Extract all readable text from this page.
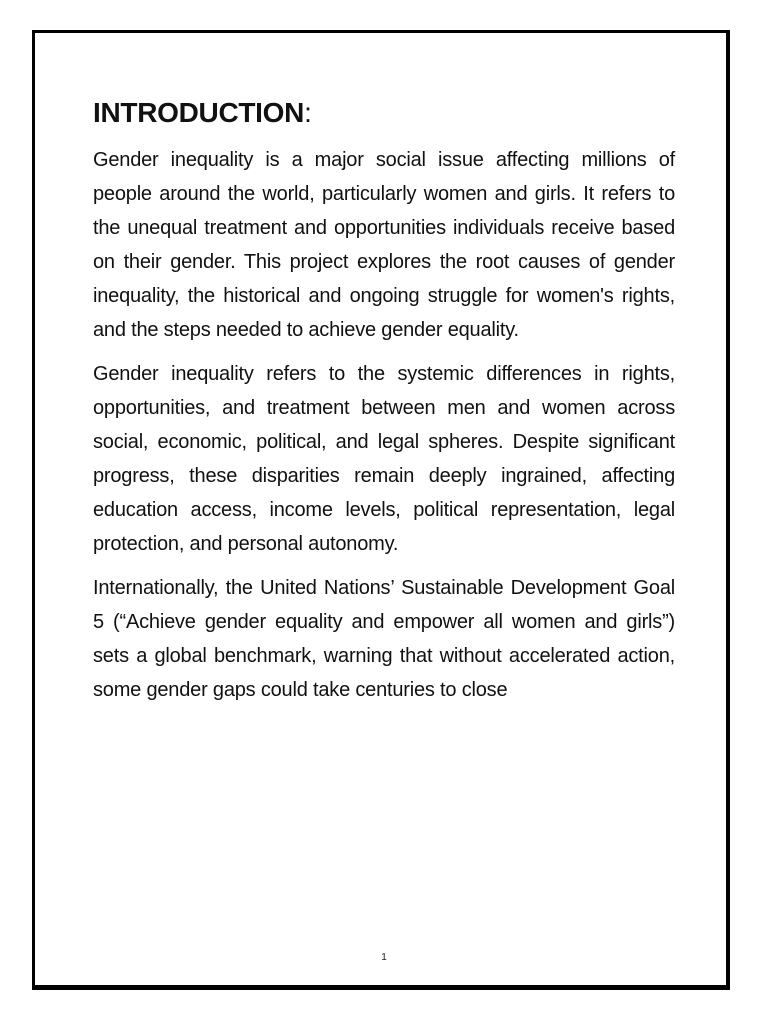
INTRODUCTION:

Gender inequality is a major social issue affecting millions of people around the world, particularly women and girls. It refers to the unequal treatment and opportunities individuals receive based on their gender. This project explores the root causes of gender inequality, the historical and ongoing struggle for women's rights, and the steps needed to achieve gender equality.

Gender inequality refers to the systemic differences in rights, opportunities, and treatment between men and women across social, economic, political, and legal spheres. Despite significant progress, these disparities remain deeply ingrained, affecting education access, income levels, political representation, legal protection, and personal autonomy.

Internationally, the United Nations’ Sustainable Development Goal 5 (“Achieve gender equality and empower all women and girls”) sets a global benchmark, warning that without accelerated action, some gender gaps could take centuries to close

1
